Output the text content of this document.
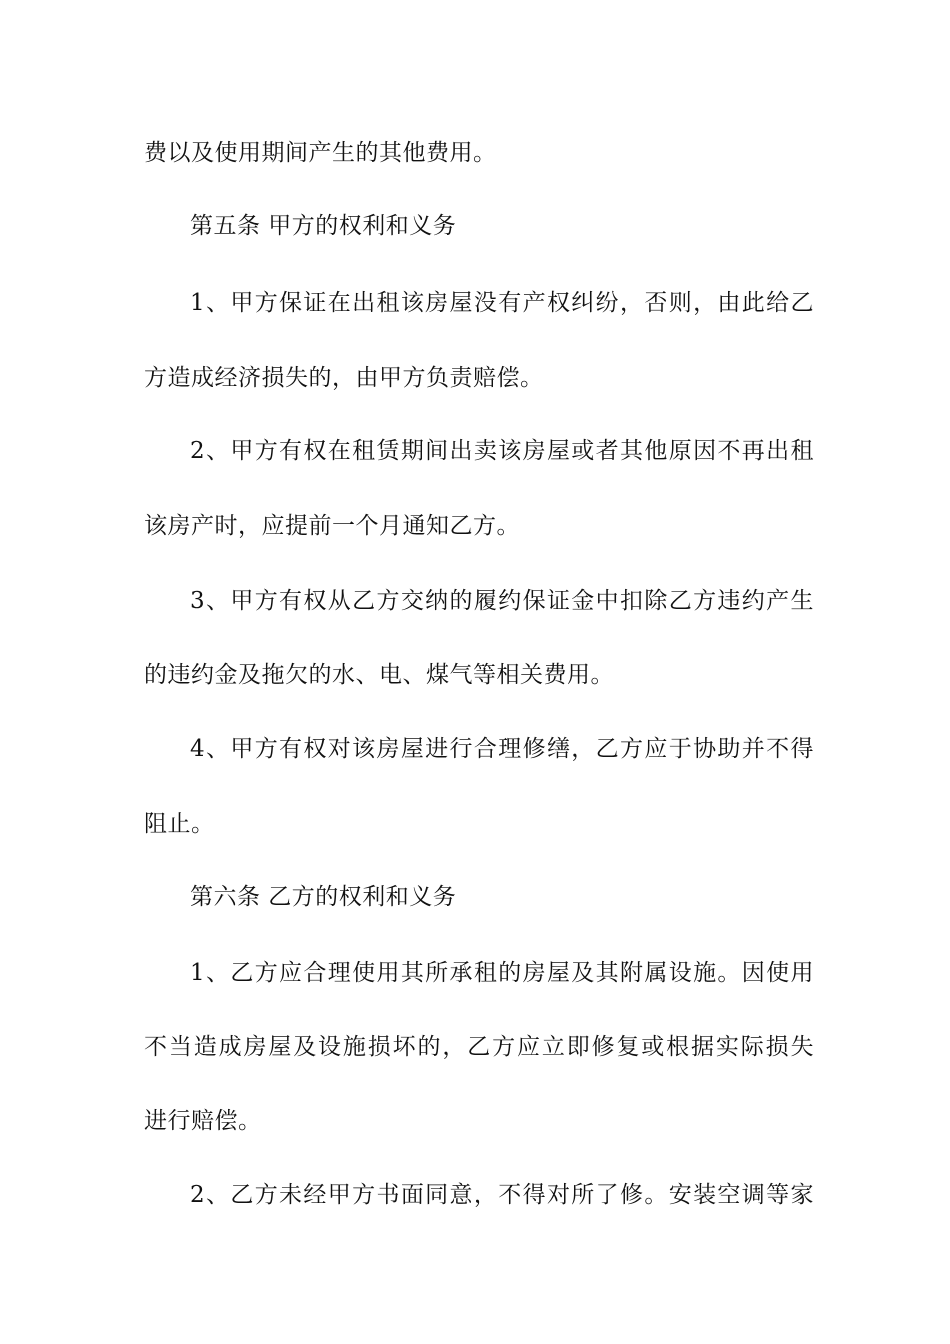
费以及使用期间产生的其他费用。
第五条 甲方的权利和义务
1、甲方保证在出租该房屋没有产权纠纷，否则，由此给乙
方造成经济损失的，由甲方负责赔偿。
2、甲方有权在租赁期间出卖该房屋或者其他原因不再出租
该房产时，应提前一个月通知乙方。
3、甲方有权从乙方交纳的履约保证金中扣除乙方违约产生
的违约金及拖欠的水、电、煤气等相关费用。
4、甲方有权对该房屋进行合理修缮，乙方应于协助并不得
阻止。
第六条 乙方的权利和义务
1、乙方应合理使用其所承租的房屋及其附属设施。因使用
不当造成房屋及设施损坏的，乙方应立即修复或根据实际损失
进行赔偿。
2、乙方未经甲方书面同意，不得对所了修。安装空调等家
